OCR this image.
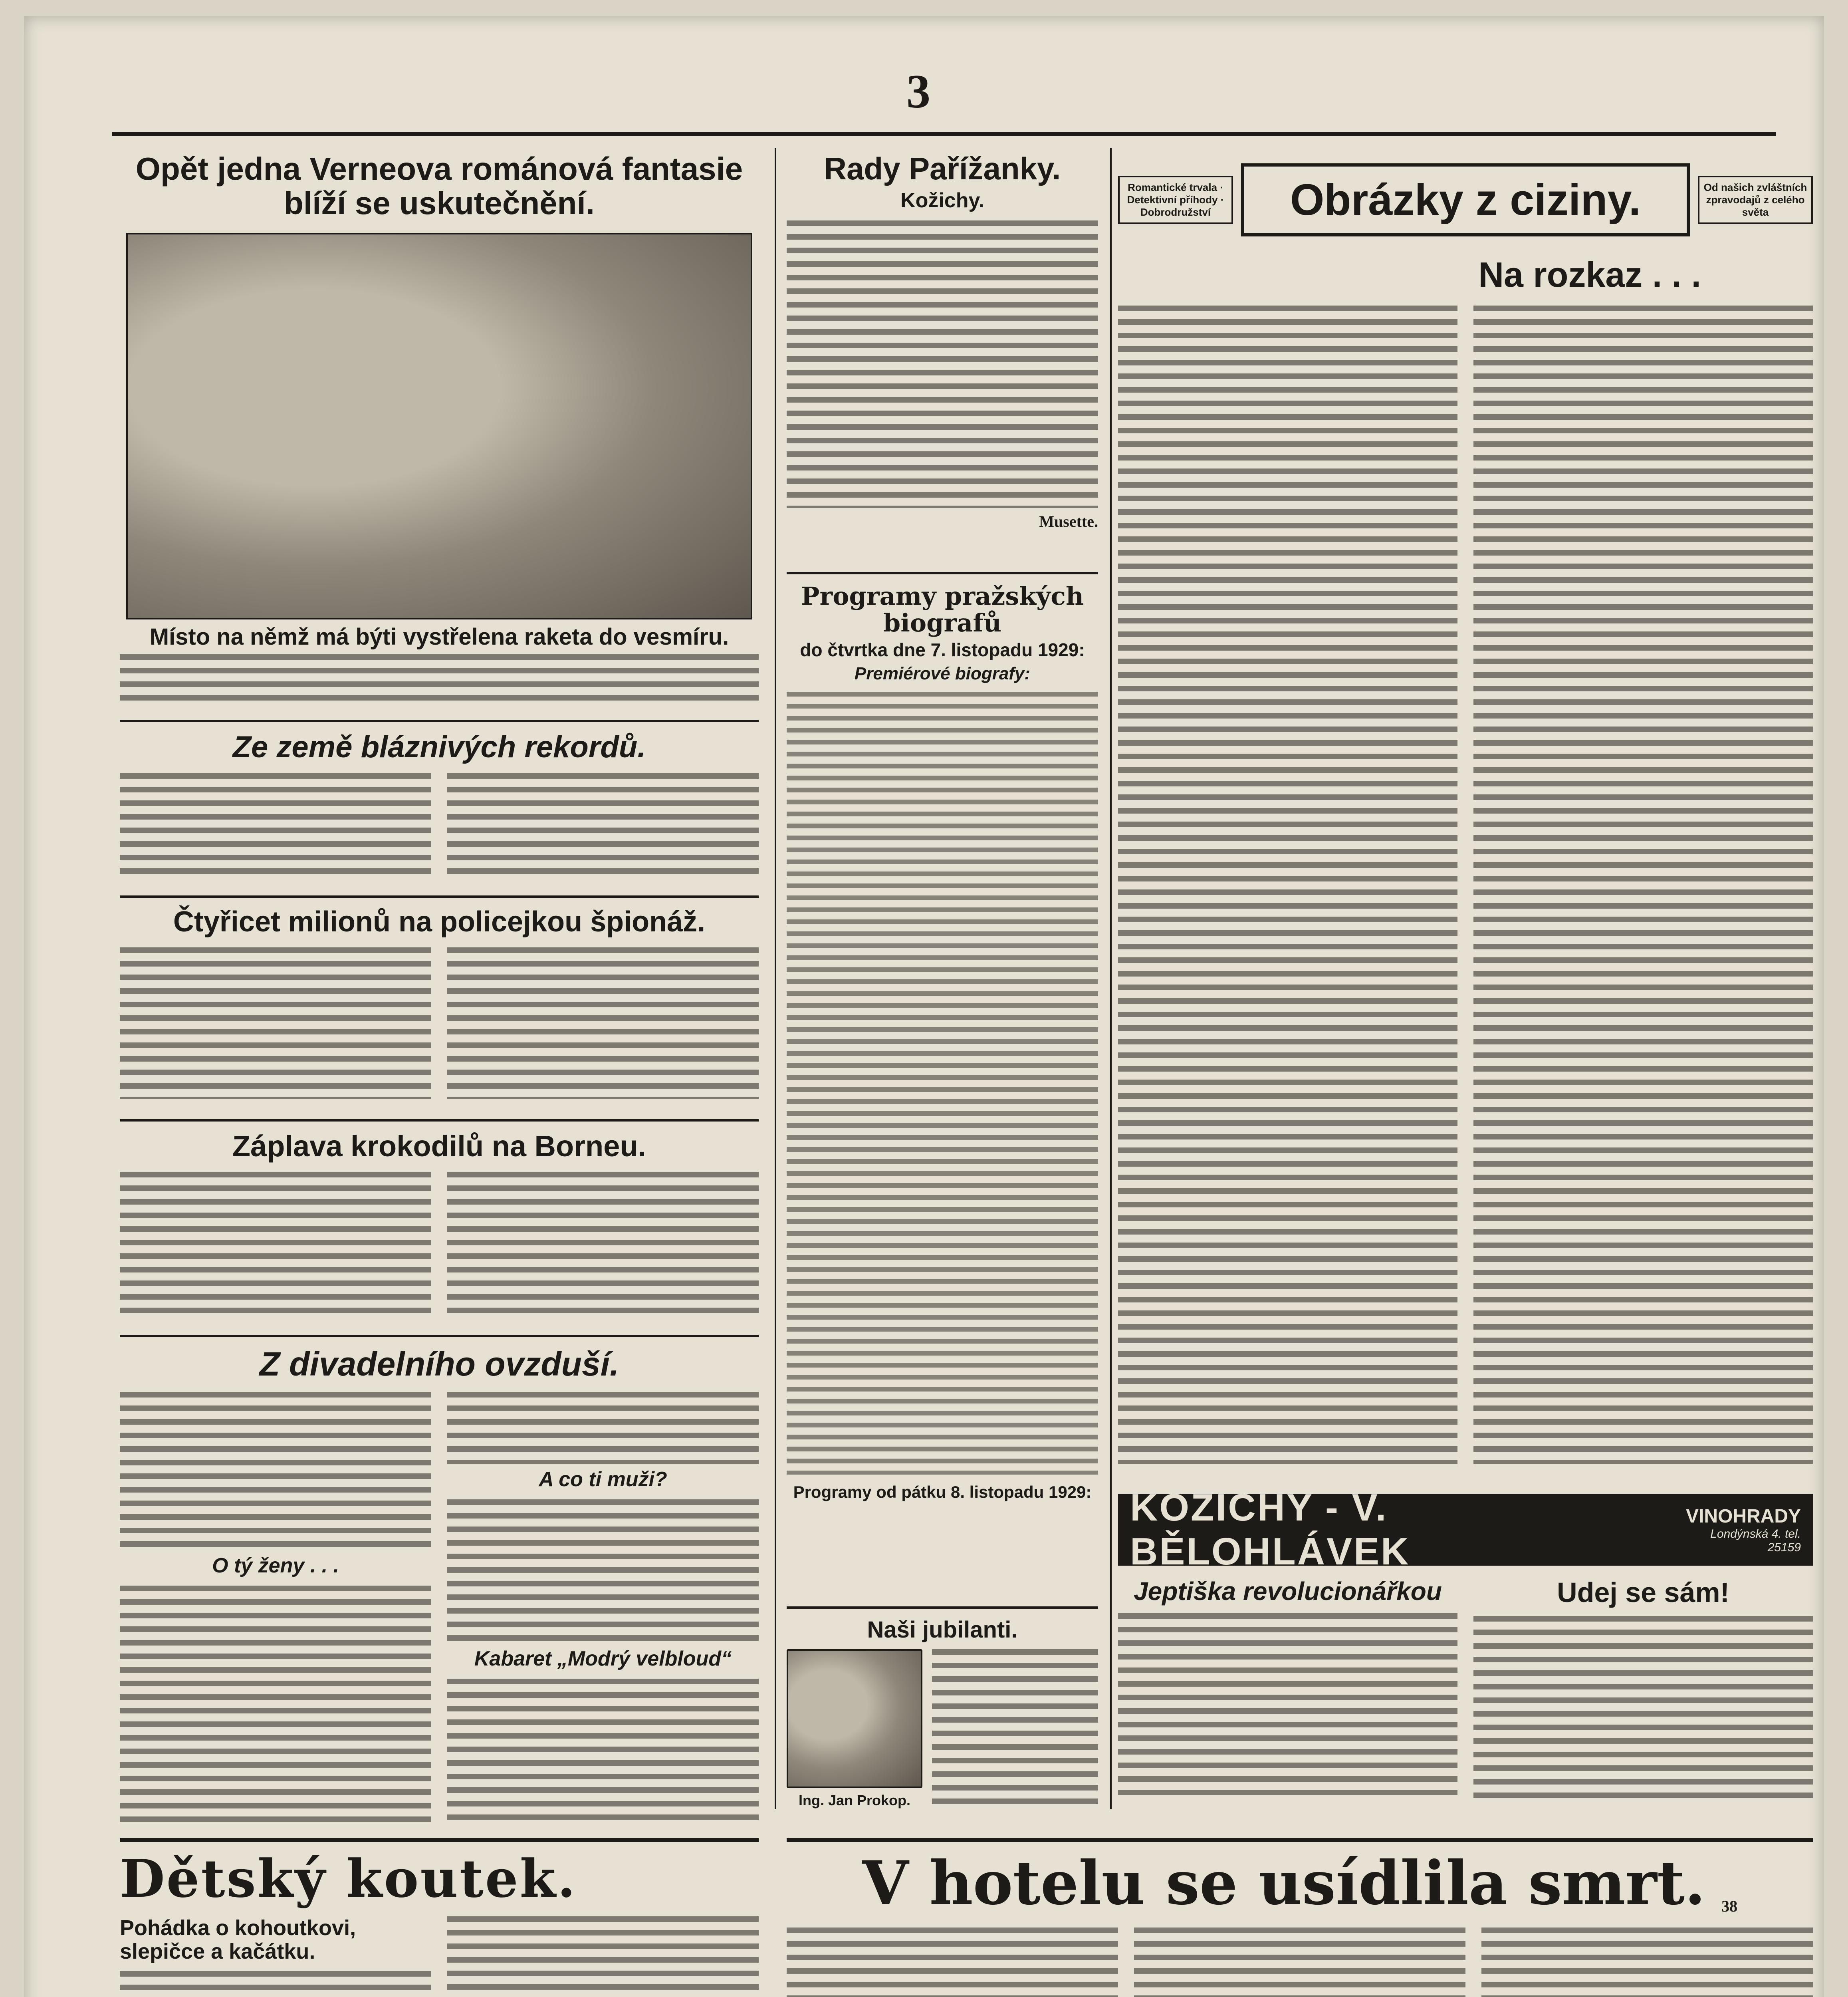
3
Opět jedna Verneova románová fantasie blíží se uskutečnění.
Místo na němž má býti vystřelena raketa do vesmíru.
Ze země bláznivých rekordů.
Čtyřicet milionů na policejkou špionáž.
Záplava krokodilů na Borneu.
Z divadelního ovzduší.
O tý ženy . . .
A co ti muži?
Kabaret „Modrý velbloud“
Dětský koutek.
Pohádka o kohoutkovi, slepičce a kačátku.
Rady Pařížanky.
Kožichy.
Musette.
Programy pražských biografů
do čtvrtka dne 7. listopadu 1929:
Premiérové biografy:
Programy od pátku 8. listopadu 1929:
Naši jubilanti.
Ing. Jan Prokop.
Romantické trvala · Detektivní příhody · Dobrodružství	Obrázky z ciziny.	Od našich zvláštních zpravodajů z celého světa
Na rozkaz . . .
KOŽICHY - V. BĚLOHLÁVEK
VINOHRADY
Londýnská 4. tel. 25159
Jeptiška revolucionářkou	Udej se sám!
V hotelu se usídlila smrt. 38
